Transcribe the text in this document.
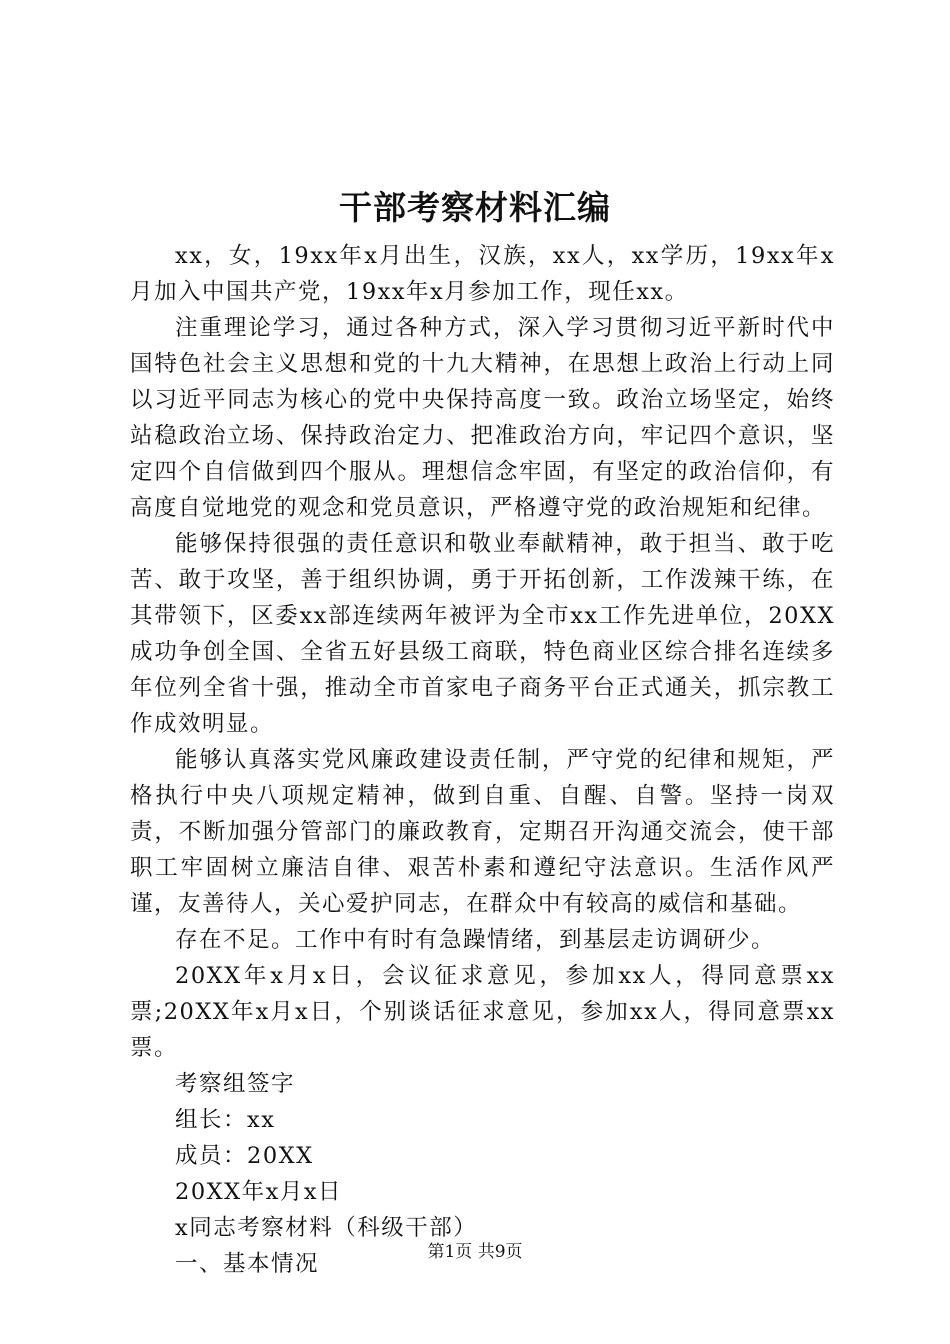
干部考察材料汇编

xx，女，19xx年x月出生，汉族，xx人，xx学历，19xx年x月加入中国共产党，19xx年x月参加工作，现任xx。

注重理论学习，通过各种方式，深入学习贯彻习近平新时代中国特色社会主义思想和党的十九大精神，在思想上政治上行动上同以习近平同志为核心的党中央保持高度一致。政治立场坚定，始终站稳政治立场、保持政治定力、把准政治方向，牢记四个意识，坚定四个自信做到四个服从。理想信念牢固，有坚定的政治信仰，有高度自觉地党的观念和党员意识，严格遵守党的政治规矩和纪律。

能够保持很强的责任意识和敬业奉献精神，敢于担当、敢于吃苦、敢于攻坚，善于组织协调，勇于开拓创新，工作泼辣干练，在其带领下，区委xx部连续两年被评为全市xx工作先进单位，20XX成功争创全国、全省五好县级工商联，特色商业区综合排名连续多年位列全省十强，推动全市首家电子商务平台正式通关，抓宗教工作成效明显。

能够认真落实党风廉政建设责任制，严守党的纪律和规矩，严格执行中央八项规定精神，做到自重、自醒、自警。坚持一岗双责，不断加强分管部门的廉政教育，定期召开沟通交流会，使干部职工牢固树立廉洁自律、艰苦朴素和遵纪守法意识。生活作风严谨，友善待人，关心爱护同志，在群众中有较高的威信和基础。

存在不足。工作中有时有急躁情绪，到基层走访调研少。

20XX年x月x日，会议征求意见，参加xx人，得同意票xx票;20XX年x月x日，个别谈话征求意见，参加xx人，得同意票xx票。

考察组签字

组长：xx

成员：20XX

20XX年x月x日

x同志考察材料（科级干部）

一、基本情况	第1页 共9页
